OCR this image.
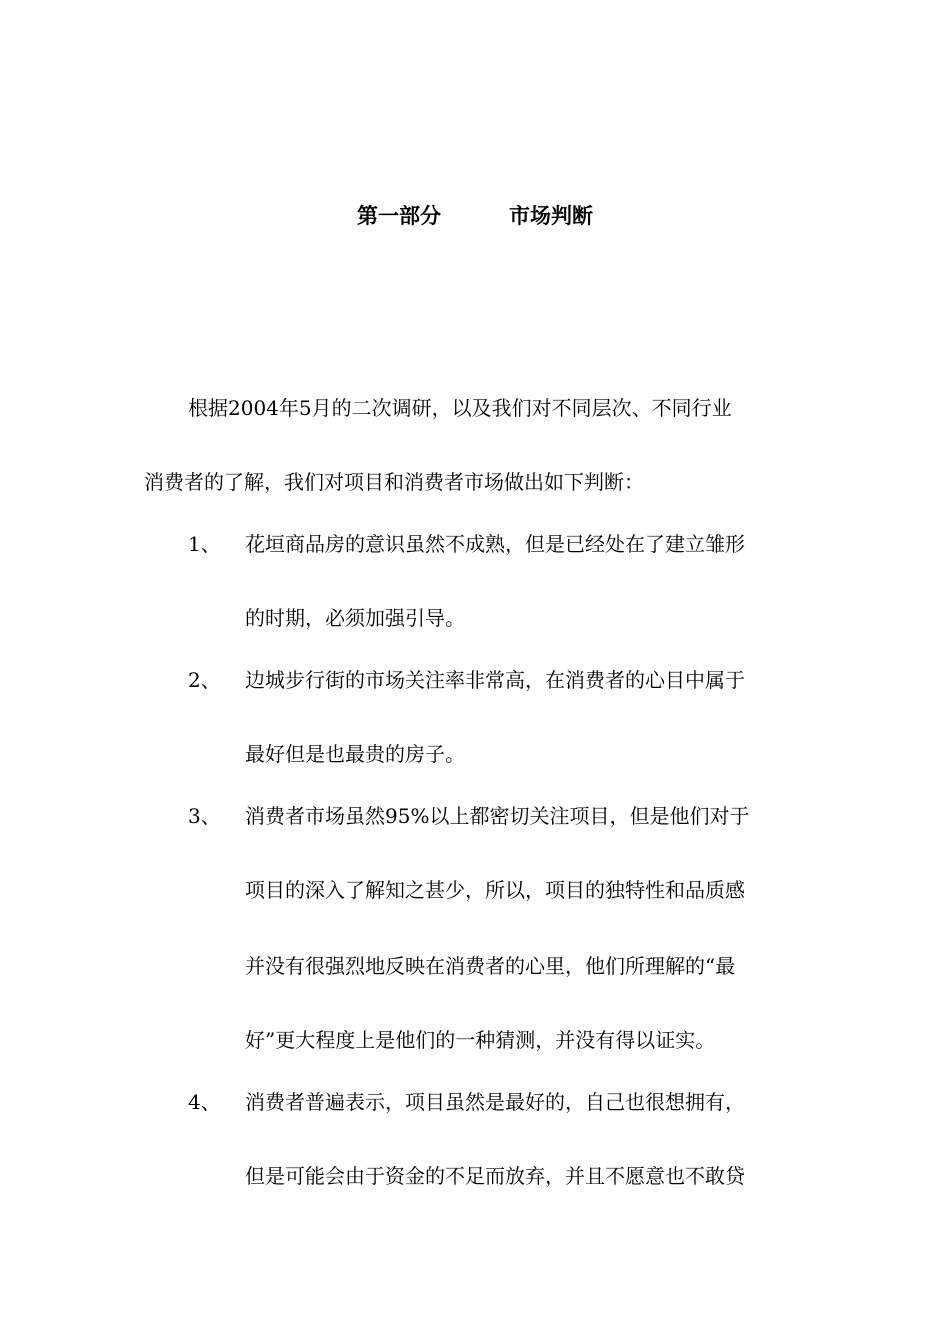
第一部分	市场判断
根据2004年5月的二次调研，以及我们对不同层次、不同行业
消费者的了解，我们对项目和消费者市场做出如下判断：
1、 花垣商品房的意识虽然不成熟，但是已经处在了建立雏形
的时期，必须加强引导。
2、 边城步行街的市场关注率非常高，在消费者的心目中属于
最好但是也最贵的房子。
3、 消费者市场虽然95%以上都密切关注项目，但是他们对于
项目的深入了解知之甚少，所以，项目的独特性和品质感
并没有很强烈地反映在消费者的心里，他们所理解的“最
好”更大程度上是他们的一种猜测，并没有得以证实。
4、 消费者普遍表示，项目虽然是最好的，自己也很想拥有，
但是可能会由于资金的不足而放弃，并且不愿意也不敢贷
